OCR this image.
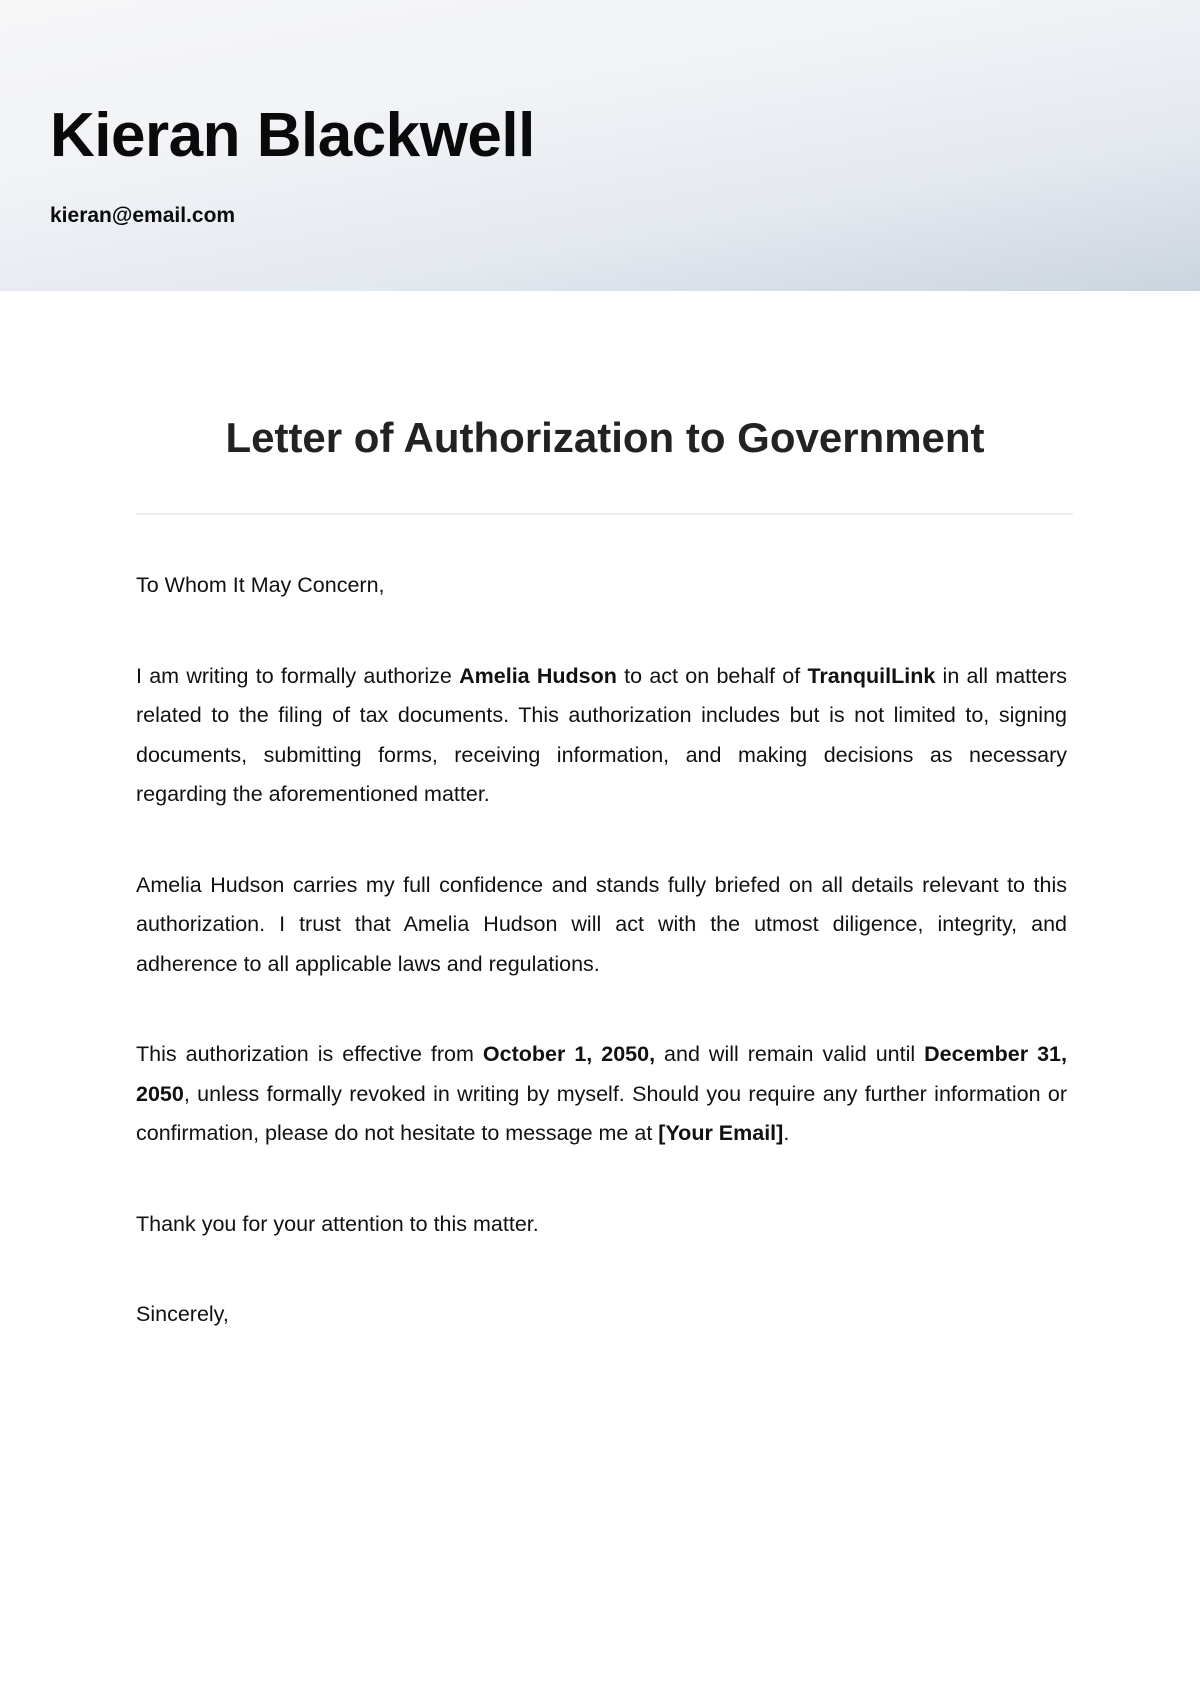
Kieran Blackwell
kieran@email.com
Letter of Authorization to Government

To Whom It May Concern,

I am writing to formally authorize Amelia Hudson to act on behalf of TranquilLink in all matters related to the filing of tax documents. This authorization includes but is not limited to, signing documents, submitting forms, receiving information, and making decisions as necessary regarding the aforementioned matter.

Amelia Hudson carries my full confidence and stands fully briefed on all details relevant to this authorization. I trust that Amelia Hudson will act with the utmost diligence, integrity, and adherence to all applicable laws and regulations.

This authorization is effective from October 1, 2050, and will remain valid until December 31, 2050, unless formally revoked in writing by myself. Should you require any further information or confirmation, please do not hesitate to message me at [Your Email].

Thank you for your attention to this matter.

Sincerely,
